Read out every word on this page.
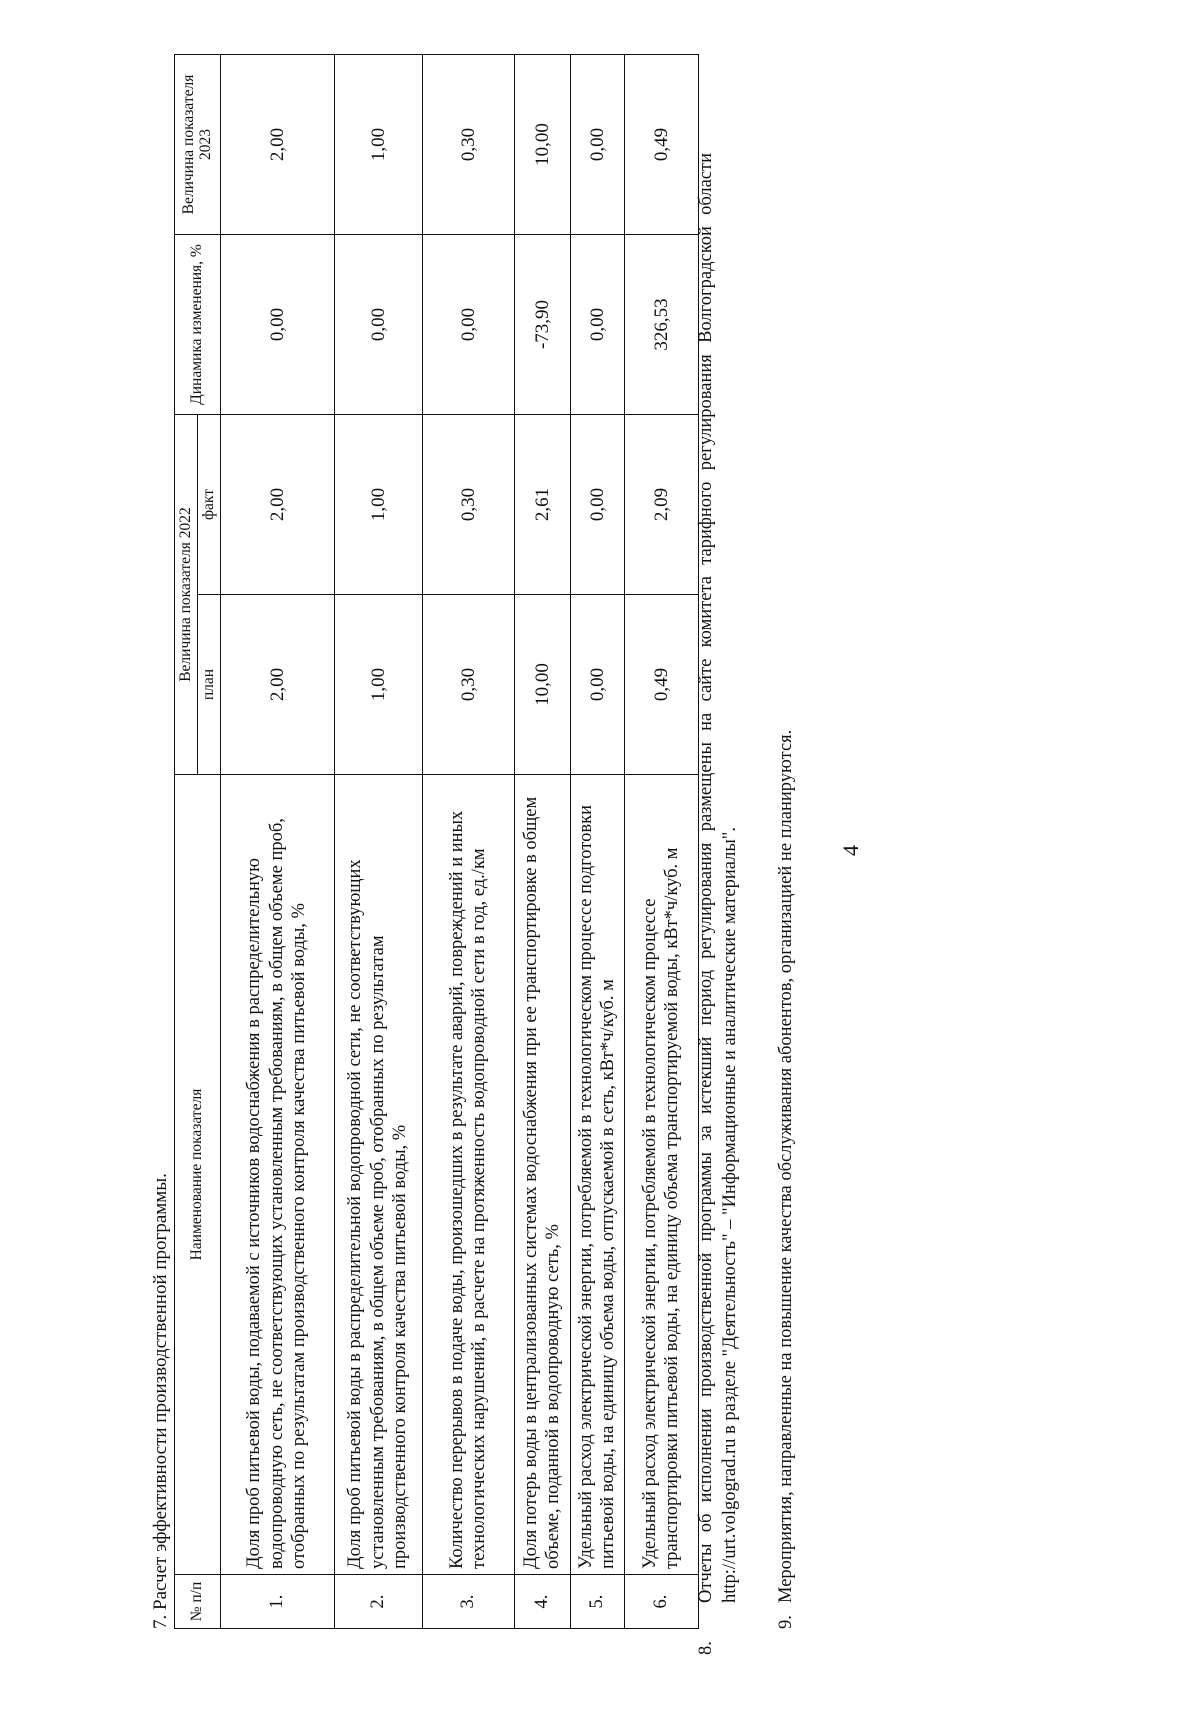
4
7. Расчет эффективности производственной программы. № п/п	Наименование показателя	Величина показателя 2022		Динамика изменения, %	Величина показателя 2023
		план	факт		
1.	Доля проб питьевой воды, подаваемой с источников водоснабжения в распределительную водопроводную сеть, не соответствующих установленным требованиям, в общем объеме проб, отобранных по результатам производственного контроля качества питьевой воды, %	2,00	2,00	0,00	2,00
2.	Доля проб питьевой воды в распределительной водопроводной сети, не соответствующих установленным требованиям, в общем объеме проб, отобранных по результатам производственного контроля качества питьевой воды, %	1,00	1,00	0,00	1,00
3.	Количество перерывов в подаче воды, произошедших в результате аварий, повреждений и иных технологических нарушений, в расчете на протяженность водопроводной сети в год, ед./км	0,30	0,30	0,00	0,30
4.	Доля потерь воды в централизованных системах водоснабжения при ее транспортировке в общем объеме, поданной в водопроводную сеть, %	10,00	2,61	-73,90	10,00
5.	Удельный расход электрической энергии, потребляемой в технологическом процессе подготовки питьевой воды, на единицу объема воды, отпускаемой в сеть, кВт*ч/куб. м	0,00	0,00	0,00	0,00
6.	Удельный расход электрической энергии, потребляемой в технологическом процессе транспортировки питьевой воды, на единицу объема транспортируемой воды, кВт*ч/куб. м	0,49	2,09	326,53	0,49
8.Отчеты об исполнении производственной программы за истекший период регулирования размещены на сайте комитета тарифного регулирования Волгоградской области http://urt.volgograd.ru в разделе "Деятельность" – "Информационные и аналитические материалы".
9.Мероприятия, направленные на повышение качества обслуживания абонентов, организацией не планируются.
